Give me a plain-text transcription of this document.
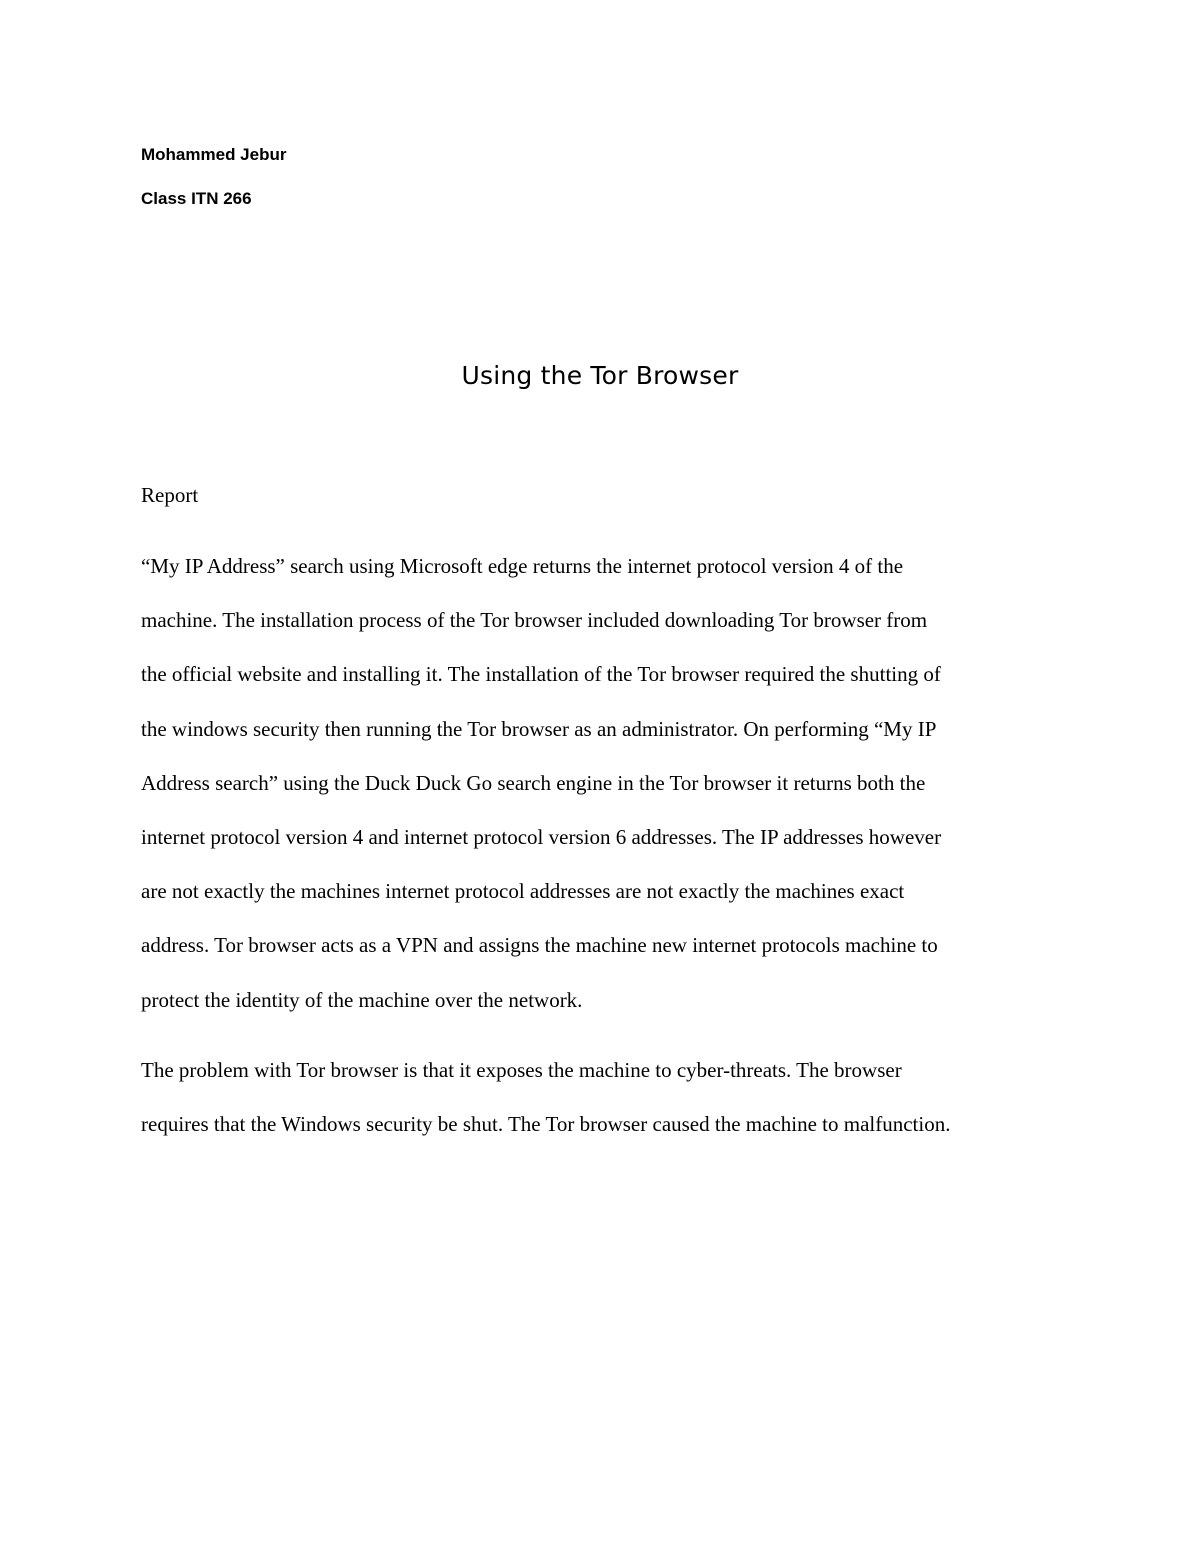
Mohammed Jebur
Class ITN 266
Using the Tor Browser

Report

“My IP Address” search using Microsoft edge returns the internet protocol version 4 of the
machine. The installation process of the Tor browser included downloading Tor browser from
the official website and installing it. The installation of the Tor browser required the shutting of
the windows security then running the Tor browser as an administrator. On performing “My IP
Address search” using the Duck Duck Go search engine in the Tor browser it returns both the
internet protocol version 4 and internet protocol version 6 addresses. The IP addresses however
are not exactly the machines internet protocol addresses are not exactly the machines exact
address. Tor browser acts as a VPN and assigns the machine new internet protocols machine to
protect the identity of the machine over the network.
The problem with Tor browser is that it exposes the machine to cyber-threats. The browser
requires that the Windows security be shut. The Tor browser caused the machine to malfunction.
